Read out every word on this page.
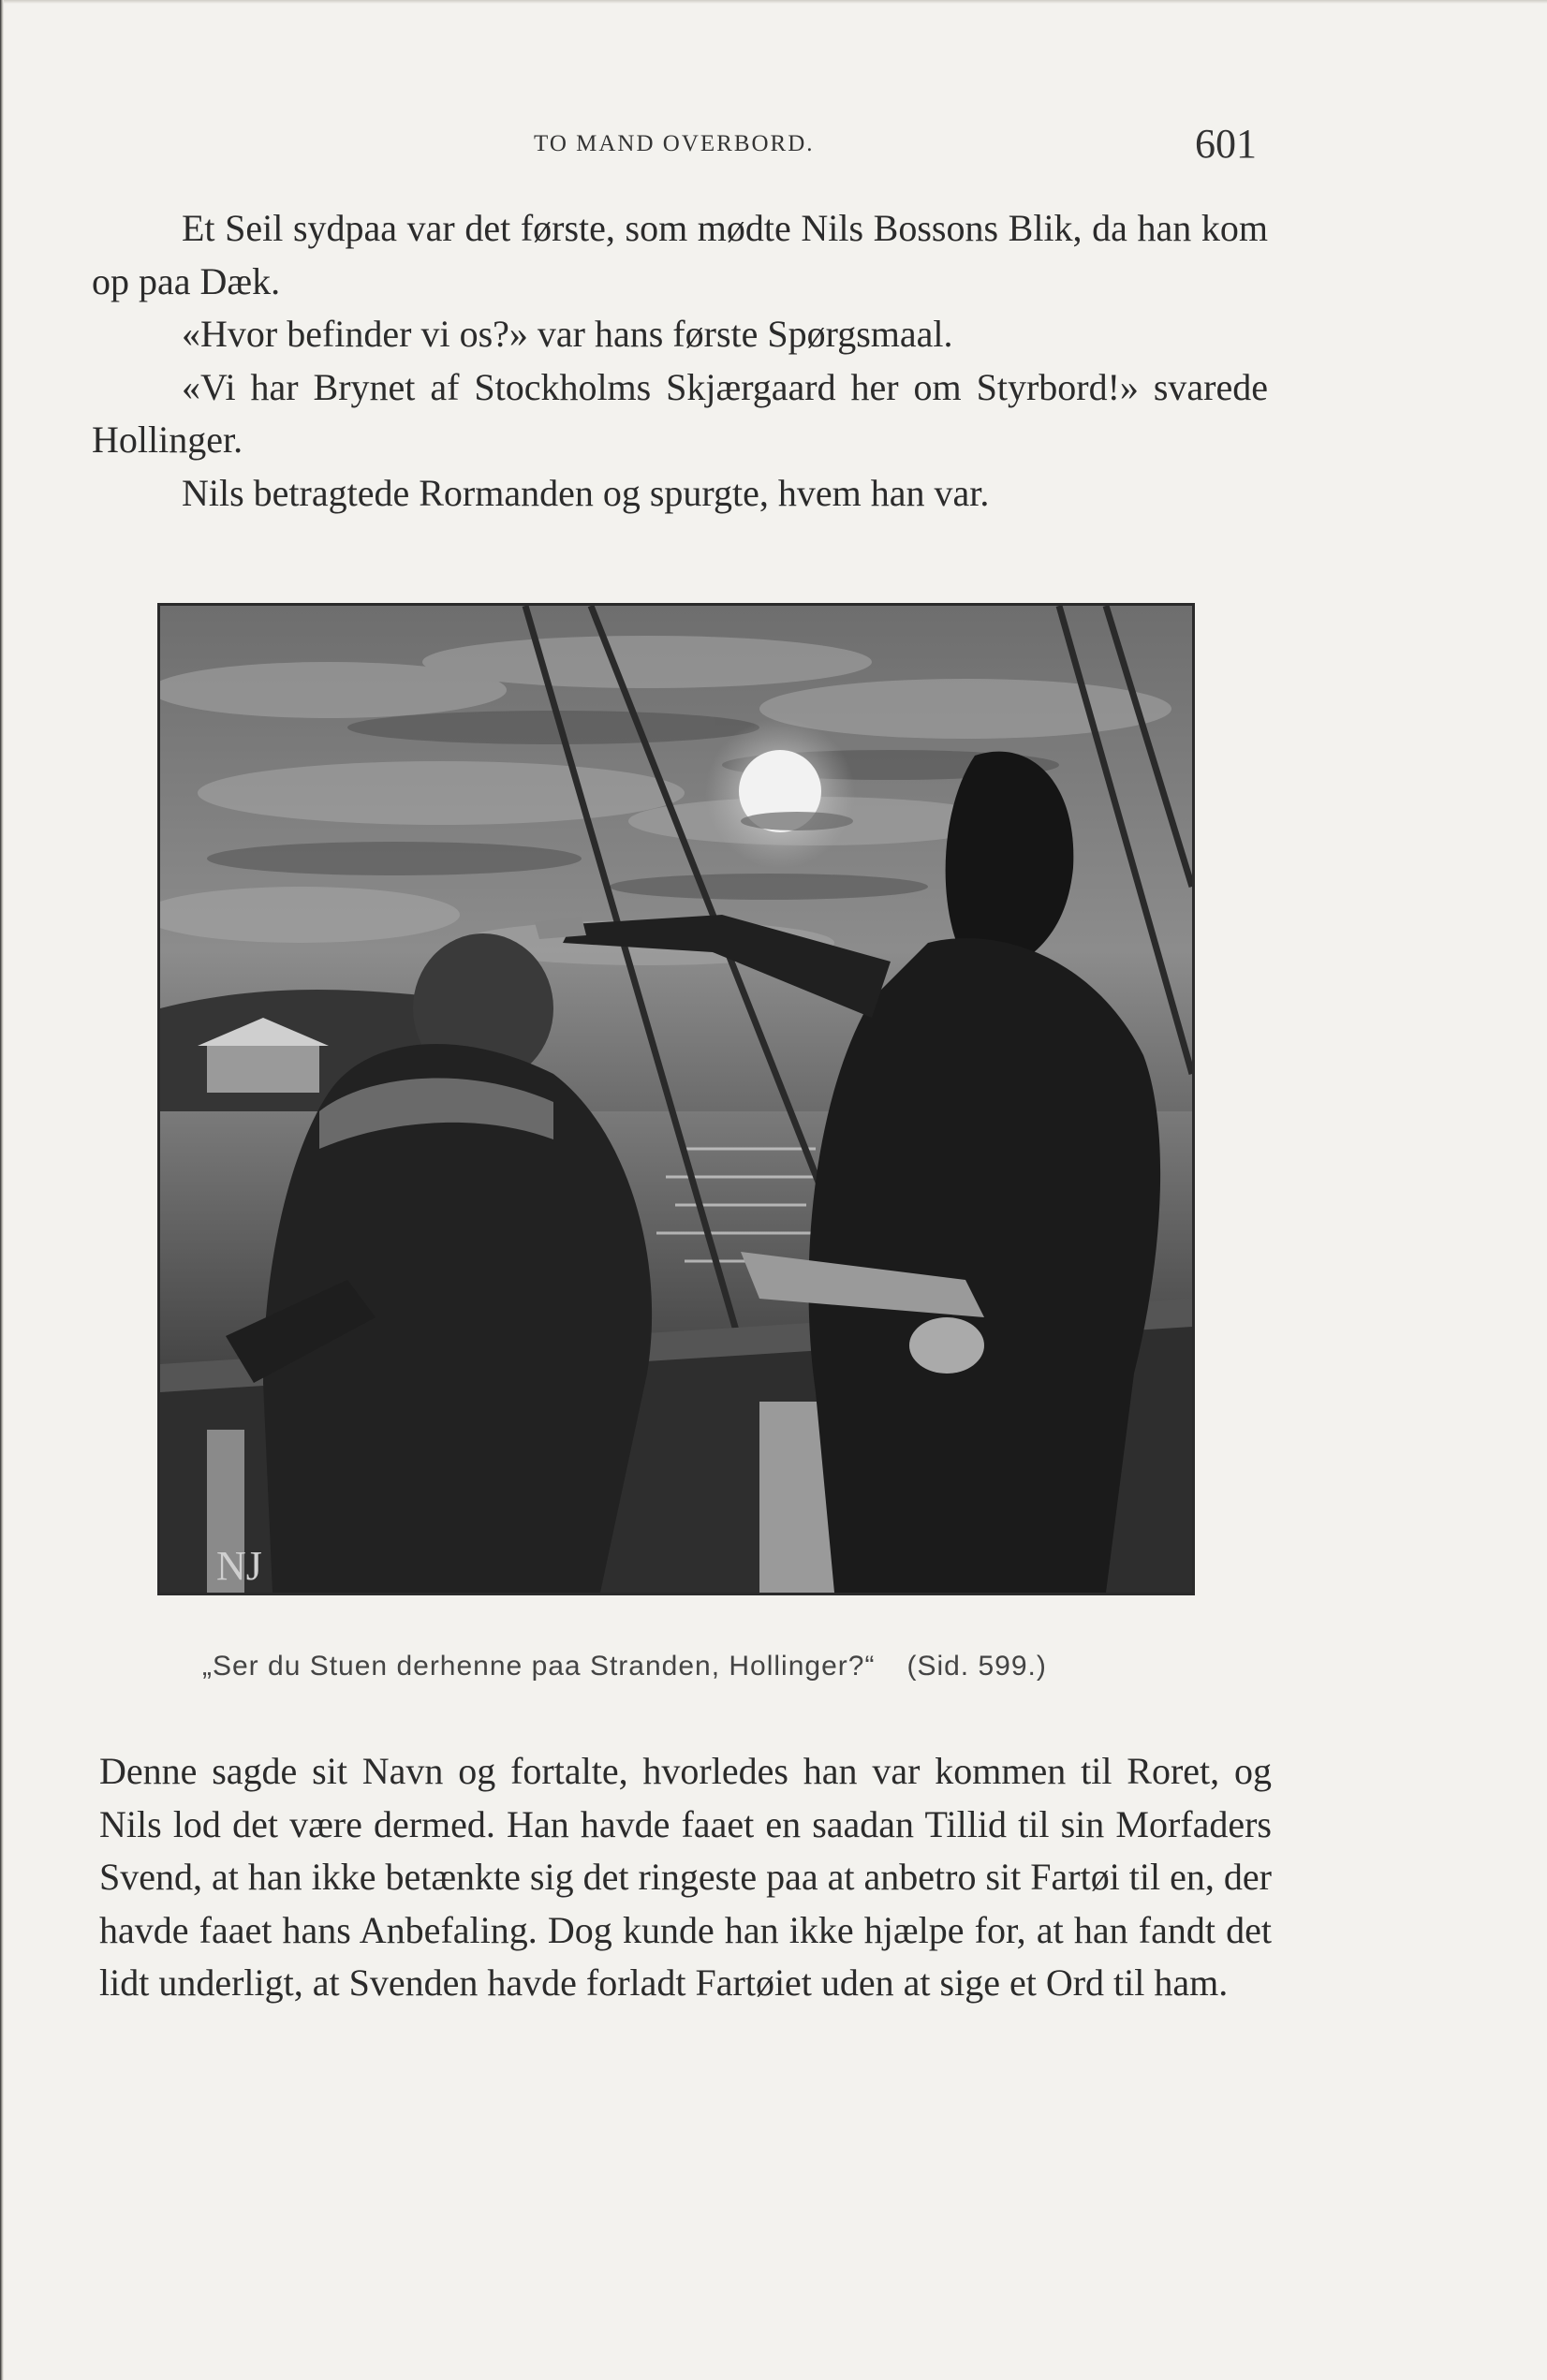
TO MAND OVERBORD.	601

Et Seil sydpaa var det første, som mødte Nils Bossons Blik, da han kom op paa Dæk.

«Hvor befinder vi os?» var hans første Spørgsmaal.

«Vi har Brynet af Stockholms Skjærgaard her om Styrbord!» svarede Hollinger.

Nils betragtede Rormanden og spurgte, hvem han var.

NJ
„Ser du Stuen derhenne paa Stranden, Hollinger?“ (Sid. 599.)

Denne sagde sit Navn og fortalte, hvorledes han var kommen til Roret, og Nils lod det være dermed. Han havde faaet en saadan Tillid til sin Morfaders Svend, at han ikke betænkte sig det ringeste paa at anbetro sit Fartøi til en, der havde faaet hans Anbefaling. Dog kunde han ikke hjælpe for, at han fandt det lidt underligt, at Svenden havde forladt Fartøiet uden at sige et Ord til ham.
